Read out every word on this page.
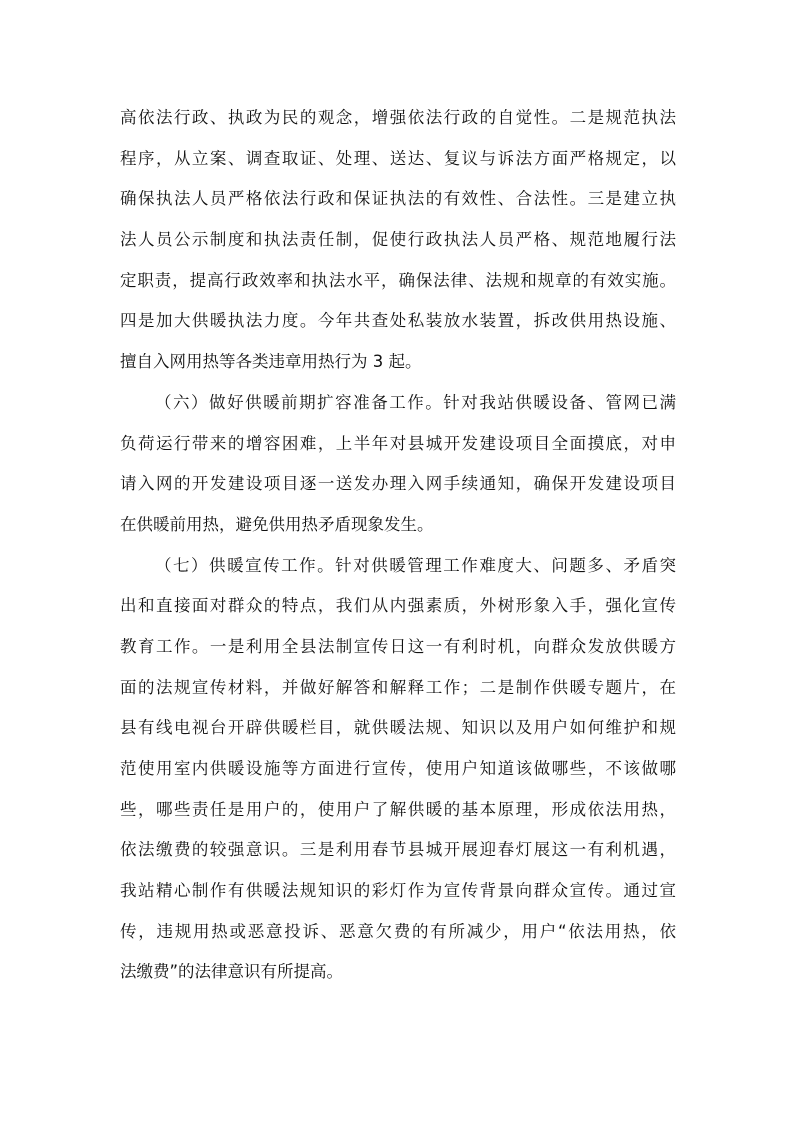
高依法行政、执政为民的观念，增强依法行政的自觉性。二是规范执法
程序，从立案、调查取证、处理、送达、复议与诉法方面严格规定，以
确保执法人员严格依法行政和保证执法的有效性、合法性。三是建立执
法人员公示制度和执法责任制，促使行政执法人员严格、规范地履行法
定职责，提高行政效率和执法水平，确保法律、法规和规章的有效实施。
四是加大供暖执法力度。今年共查处私装放水装置，拆改供用热设施、
擅自入网用热等各类违章用热行为 3 起。
（六）做好供暖前期扩容准备工作。针对我站供暖设备、管网已满
负荷运行带来的增容困难，上半年对县城开发建设项目全面摸底，对申
请入网的开发建设项目逐一送发办理入网手续通知，确保开发建设项目
在供暖前用热，避免供用热矛盾现象发生。
（七）供暖宣传工作。针对供暖管理工作难度大、问题多、矛盾突
出和直接面对群众的特点，我们从内强素质，外树形象入手，强化宣传
教育工作。一是利用全县法制宣传日这一有利时机，向群众发放供暖方
面的法规宣传材料，并做好解答和解释工作；二是制作供暖专题片，在
县有线电视台开辟供暖栏目，就供暖法规、知识以及用户如何维护和规
范使用室内供暖设施等方面进行宣传，使用户知道该做哪些，不该做哪
些，哪些责任是用户的，使用户了解供暖的基本原理，形成依法用热，
依法缴费的较强意识。三是利用春节县城开展迎春灯展这一有利机遇，
我站精心制作有供暖法规知识的彩灯作为宣传背景向群众宣传。通过宣
传，违规用热或恶意投诉、恶意欠费的有所减少，用户“依法用热，依
法缴费”的法律意识有所提高。
